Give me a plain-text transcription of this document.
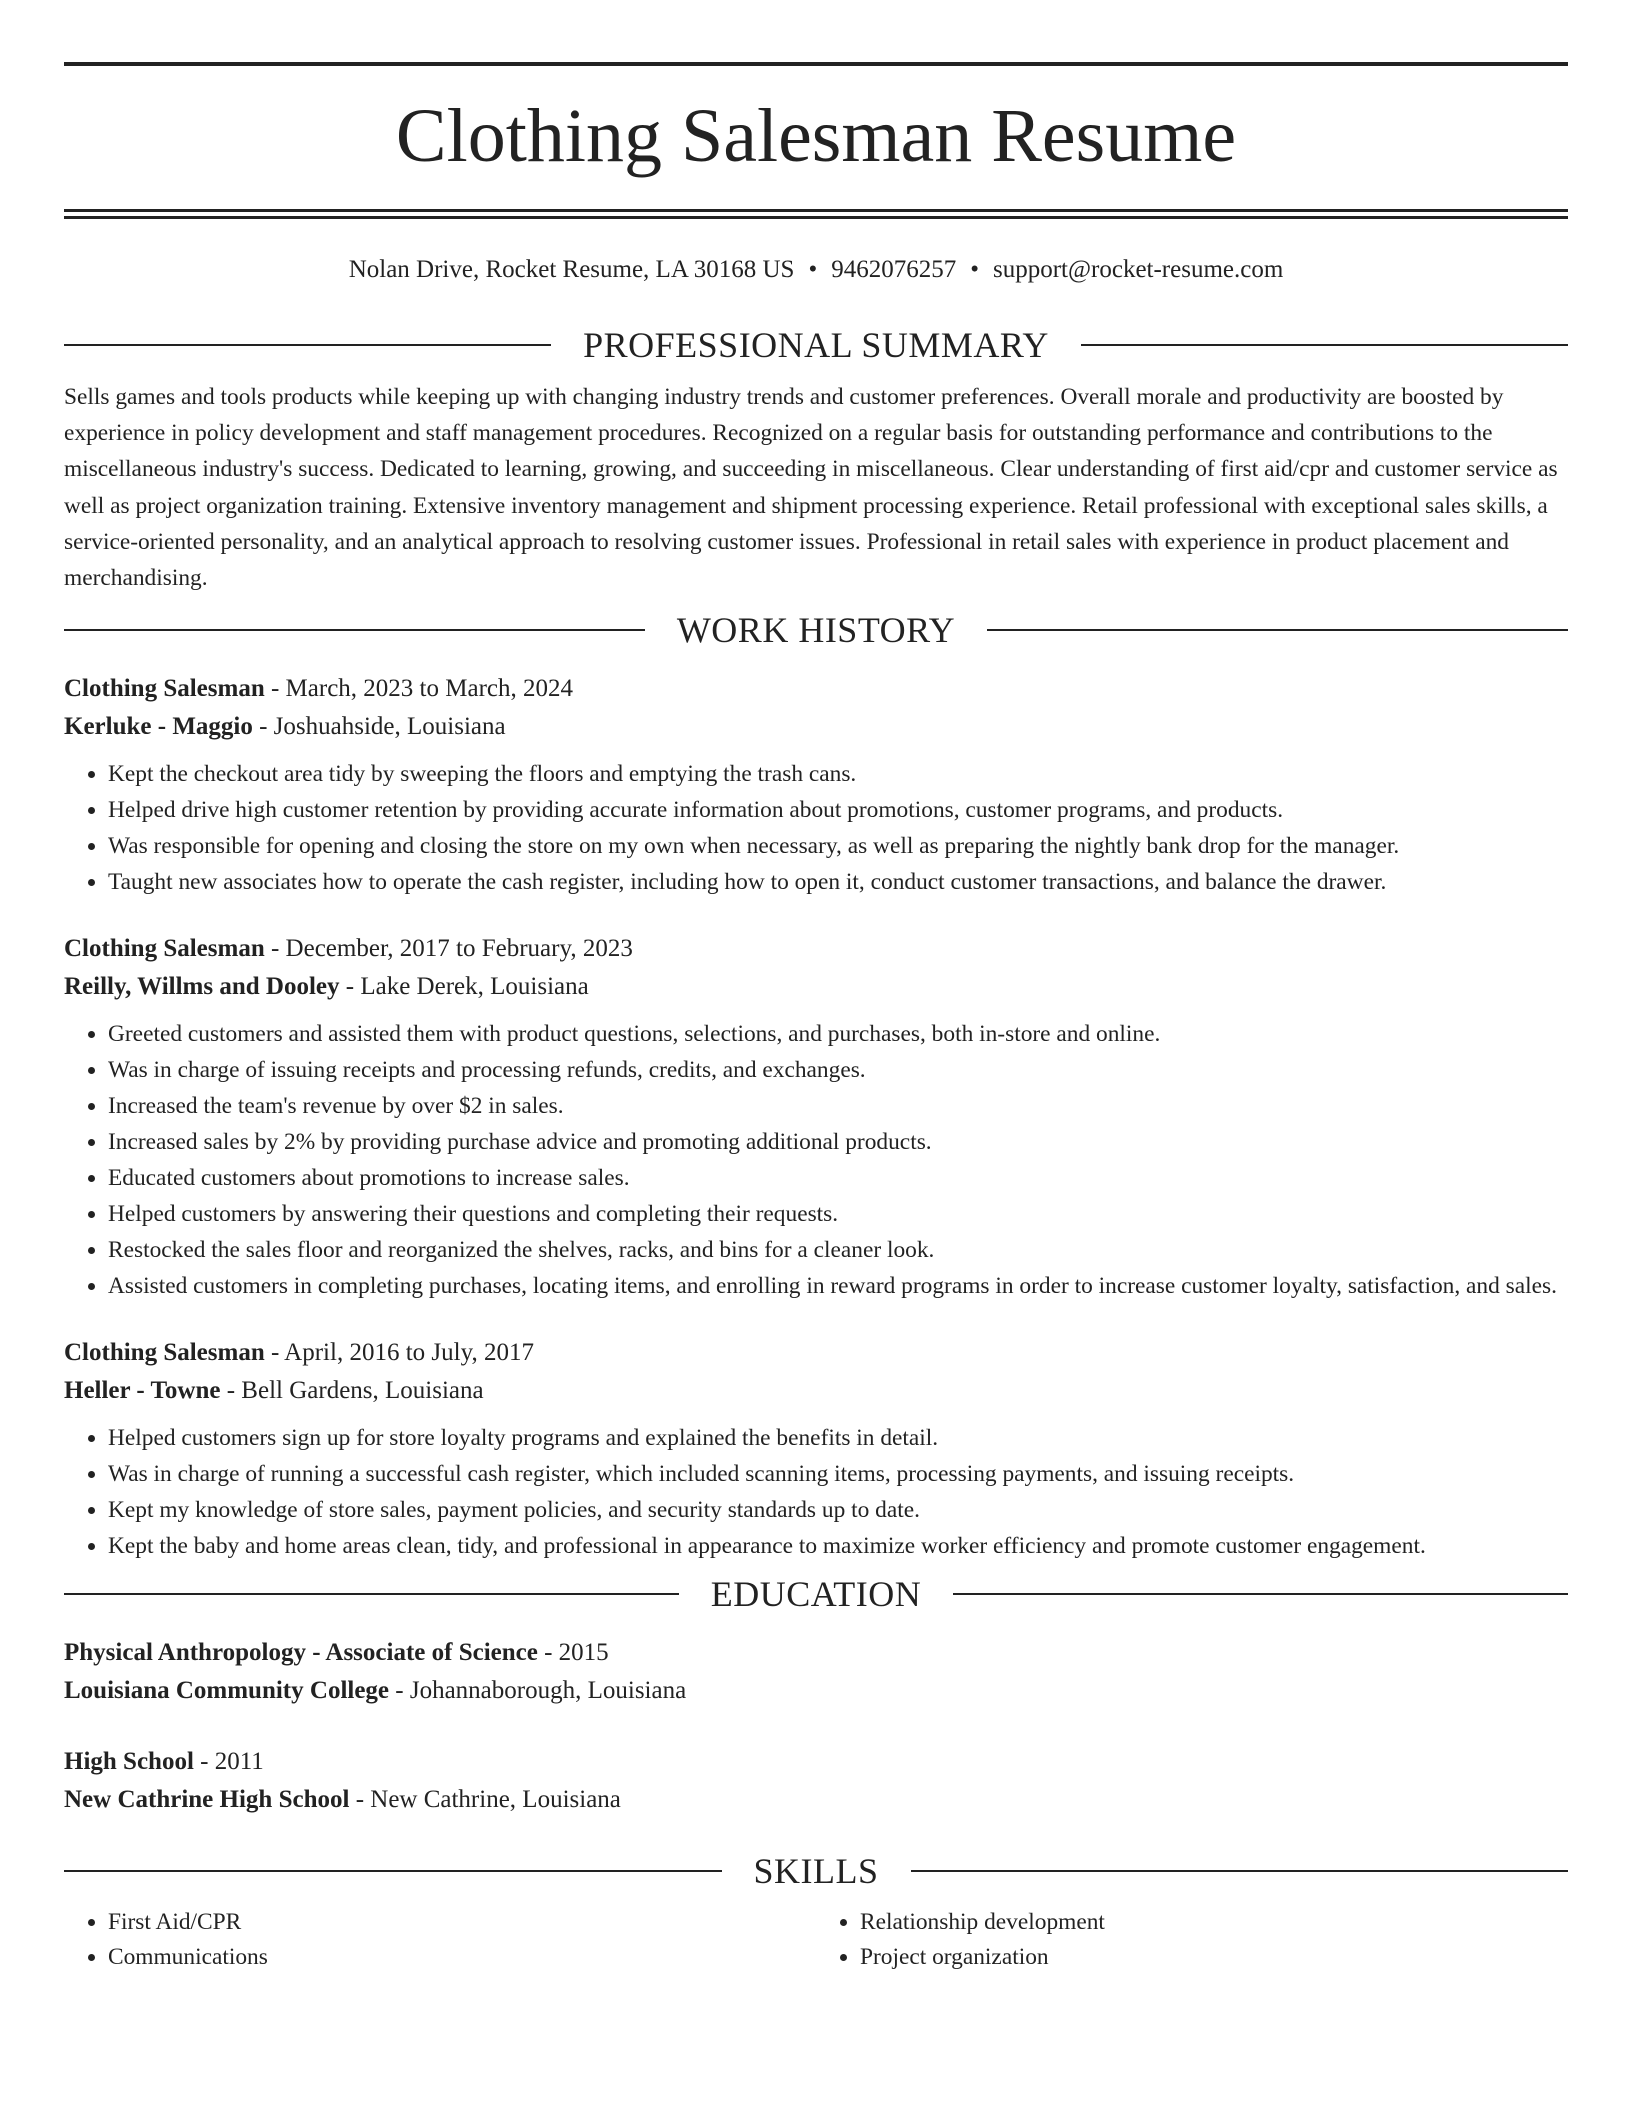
Clothing Salesman Resume
Nolan Drive, Rocket Resume, LA 30168 US • 9462076257 • support@rocket-resume.com
PROFESSIONAL SUMMARY
Sells games and tools products while keeping up with changing industry trends and customer preferences. Overall morale and productivity are boosted by experience in policy development and staff management procedures. Recognized on a regular basis for outstanding performance and contributions to the miscellaneous industry's success. Dedicated to learning, growing, and succeeding in miscellaneous. Clear understanding of first aid/cpr and customer service as well as project organization training. Extensive inventory management and shipment processing experience. Retail professional with exceptional sales skills, a service-oriented personality, and an analytical approach to resolving customer issues. Professional in retail sales with experience in product placement and merchandising.
WORK HISTORY
Clothing Salesman - March, 2023 to March, 2024
Kerluke - Maggio - Joshuahside, Louisiana
• Kept the checkout area tidy by sweeping the floors and emptying the trash cans.
• Helped drive high customer retention by providing accurate information about promotions, customer programs, and products.
• Was responsible for opening and closing the store on my own when necessary, as well as preparing the nightly bank drop for the manager.
• Taught new associates how to operate the cash register, including how to open it, conduct customer transactions, and balance the drawer.
Clothing Salesman - December, 2017 to February, 2023
Reilly, Willms and Dooley - Lake Derek, Louisiana
• Greeted customers and assisted them with product questions, selections, and purchases, both in-store and online.
• Was in charge of issuing receipts and processing refunds, credits, and exchanges.
• Increased the team's revenue by over $2 in sales.
• Increased sales by 2% by providing purchase advice and promoting additional products.
• Educated customers about promotions to increase sales.
• Helped customers by answering their questions and completing their requests.
• Restocked the sales floor and reorganized the shelves, racks, and bins for a cleaner look.
• Assisted customers in completing purchases, locating items, and enrolling in reward programs in order to increase customer loyalty, satisfaction, and sales.
Clothing Salesman - April, 2016 to July, 2017
Heller - Towne - Bell Gardens, Louisiana
• Helped customers sign up for store loyalty programs and explained the benefits in detail.
• Was in charge of running a successful cash register, which included scanning items, processing payments, and issuing receipts.
• Kept my knowledge of store sales, payment policies, and security standards up to date.
• Kept the baby and home areas clean, tidy, and professional in appearance to maximize worker efficiency and promote customer engagement.
EDUCATION
Physical Anthropology - Associate of Science - 2015
Louisiana Community College - Johannaborough, Louisiana
High School - 2011
New Cathrine High School - New Cathrine, Louisiana
SKILLS
• First Aid/CPR
• Communications
• Relationship development
• Project organization
